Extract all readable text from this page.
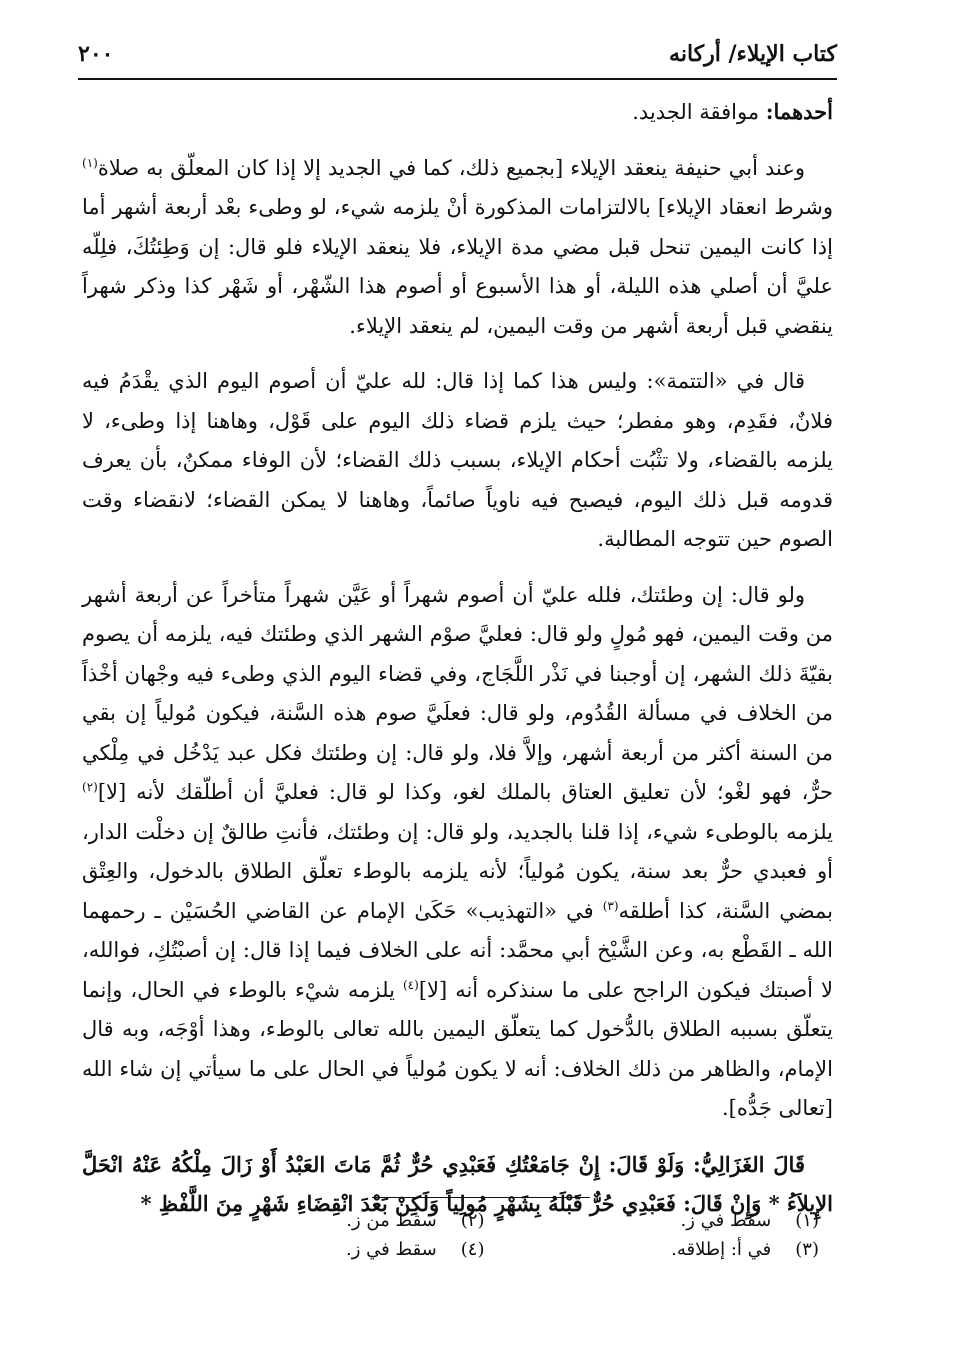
كتاب الإيلاء/ أركانه
٢٠٠

أحدهما: موافقة الجديد.

وعند أبي حنيفة ينعقد الإيلاء [بجميع ذلك، كما في الجديد إلا إذا كان المعلّق به صلاة$^{(١)}$ وشرط انعقاد الإيلاء] بالالتزامات المذكورة أنْ يلزمه شيء، لو وطىء بعْد أربعة أشهر أما إذا كانت اليمين تنحل قبل مضي مدة الإيلاء، فلا ينعقد الإيلاء فلو قال: إن وَطِئتُكَ، فلِلّه عليَّ أن أصلي هذه الليلة، أو هذا الأسبوع أو أصوم هذا الشّهْر، أو شَهْر كذا وذكر شهراً ينقضي قبل أربعة أشهر من وقت اليمين، لم ينعقد الإيلاء.

قال في «التتمة»: وليس هذا كما إذا قال: لله عليّ أن أصوم اليوم الذي يقْدَمُ فيه فلانٌ، فقَدِم، وهو مفطر؛ حيث يلزم قضاء ذلك اليوم على قَوْل، وهاهنا إذا وطىء، لا يلزمه بالقضاء، ولا تثْبُت أحكام الإيلاء، بسبب ذلك القضاء؛ لأن الوفاء ممكنٌ، بأن يعرف قدومه قبل ذلك اليوم، فيصبح فيه ناوياً صائماً، وهاهنا لا يمكن القضاء؛ لانقضاء وقت الصوم حين تتوجه المطالبة.

ولو قال: إن وطئتك، فلله عليّ أن أصوم شهراً أو عَيَّن شهراً متأخراً عن أربعة أشهر من وقت اليمين، فهو مُولٍ ولو قال: فعليَّ صوْم الشهر الذي وطئتك فيه، يلزمه أن يصوم بقيّةَ ذلك الشهر، إن أوجبنا في نَذْر اللَّجَاج، وفي قضاء اليوم الذي وطىء فيه وجْهان أخْذاً من الخلاف في مسألة القُدُوم، ولو قال: فعلَيَّ صوم هذه السَّنة، فيكون مُولياً إن بقي من السنة أكثر من أربعة أشهر، وإلاَّ فلا، ولو قال: إن وطئتك فكل عبد يَدْخُل في مِلْكي حرٌّ، فهو لغْو؛ لأن تعليق العتاق بالملك لغو، وكذا لو قال: فعليَّ أن أطلّقك لأنه [لا]$^{(٢)}$ يلزمه بالوطىء شيء، إذا قلنا بالجديد، ولو قال: إن وطئتك، فأنتِ طالقٌ إن دخلْت الدار، أو فعبدي حرٌّ بعد سنة، يكون مُولياً؛ لأنه يلزمه بالوطء تعلّق الطلاق بالدخول، والعِتْق بمضي السَّنة، كذا أطلقه$^{(٣)}$ في «التهذيب» حَكَىٰ الإمام عن القاضي الحُسَيْن ـ رحمهما الله ـ القَطْع به، وعن الشَّيْخ أبي محمَّد: أنه على الخلاف فيما إذا قال: إن أصبْتُكِ، فوالله، لا أصبتك فيكون الراجح على ما سنذكره أنه [لا]$^{(٤)}$ يلزمه شيْء بالوطء في الحال، وإنما يتعلّق بسببه الطلاق بالدُّخول كما يتعلّق اليمين بالله تعالى بالوطء، وهذا أوْجَه، وبه قال الإمام، والظاهر من ذلك الخلاف: أنه لا يكون مُولياً في الحال على ما سيأتي إن شاء الله [تعالى جَدُّه].

قَالَ الغَزَالِيُّ: وَلَوْ قَالَ: إِنْ جَامَعْتُكِ فَعَبْدِي حُرٌّ ثُمَّ مَاتَ العَبْدُ أَوْ زَالَ مِلْكُهُ عَنْهُ انْحَلَّ الإِيلاَءُ * وَإِنْ قَالَ: فَعَبْدِي حُرٌّ قَبْلَهُ بِشَهْرٍ مُولِياً وَلَكِنْ بَعْدَ انْقِضَاءِ شَهْرٍ مِنَ اللَّفْظِ *

(١)
سقط في ز.
(٢)
سقط من ز.
(٣)
في أ: إطلاقه.
(٤)
سقط في ز.
